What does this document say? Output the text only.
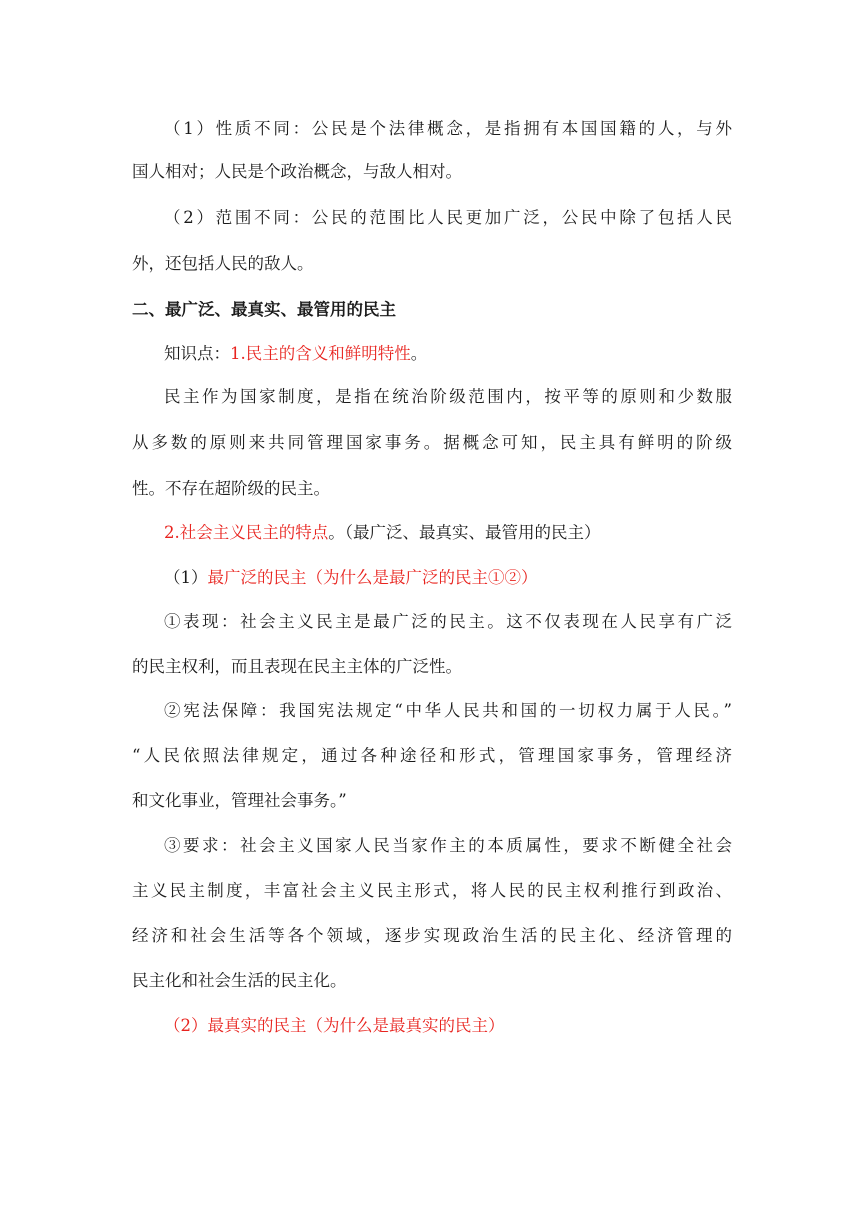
（1）性质不同：公民是个法律概念，是指拥有本国国籍的人，与外
国人相对；人民是个政治概念，与敌人相对。
（2）范围不同：公民的范围比人民更加广泛，公民中除了包括人民
外，还包括人民的敌人。
二、最广泛、最真实、最管用的民主
知识点：1.民主的含义和鲜明特性。
民主作为国家制度，是指在统治阶级范围内，按平等的原则和少数服
从多数的原则来共同管理国家事务。据概念可知，民主具有鲜明的阶级
性。不存在超阶级的民主。
2.社会主义民主的特点。（最广泛、最真实、最管用的民主）
（1）最广泛的民主（为什么是最广泛的民主①②）
①表现：社会主义民主是最广泛的民主。这不仅表现在人民享有广泛
的民主权利，而且表现在民主主体的广泛性。
②宪法保障：我国宪法规定“中华人民共和国的一切权力属于人民。”
“人民依照法律规定，通过各种途径和形式，管理国家事务，管理经济
和文化事业，管理社会事务。”
③要求：社会主义国家人民当家作主的本质属性，要求不断健全社会
主义民主制度，丰富社会主义民主形式，将人民的民主权利推行到政治、
经济和社会生活等各个领域，逐步实现政治生活的民主化、经济管理的
民主化和社会生活的民主化。
（2）最真实的民主（为什么是最真实的民主）
